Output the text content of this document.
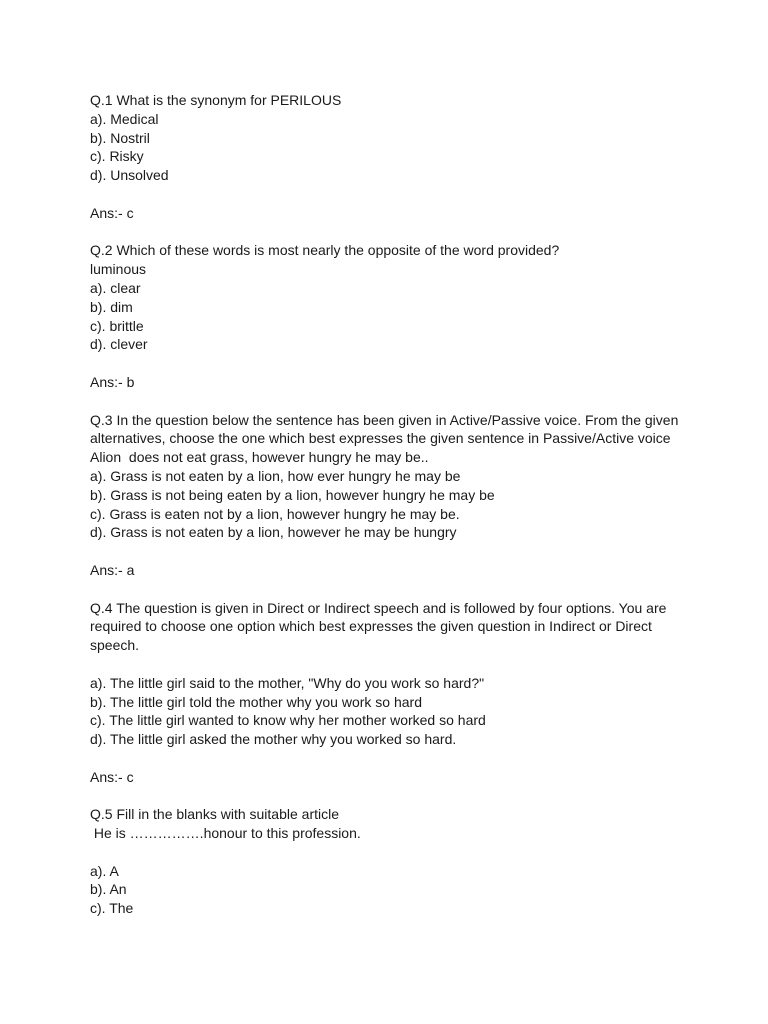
Q.1 What is the synonym for PERILOUS
a). Medical
b). Nostril
c). Risky
d). Unsolved
Ans:- c
Q.2 Which of these words is most nearly the opposite of the word provided?
luminous
a). clear
b). dim
c). brittle
d). clever
Ans:- b
Q.3 In the question below the sentence has been given in Active/Passive voice. From the given
alternatives, choose the one which best expresses the given sentence in Passive/Active voice
Alion  does not eat grass, however hungry he may be..
a). Grass is not eaten by a lion, how ever hungry he may be
b). Grass is not being eaten by a lion, however hungry he may be
c). Grass is eaten not by a lion, however hungry he may be.
d). Grass is not eaten by a lion, however he may be hungry
Ans:- a
Q.4 The question is given in Direct or Indirect speech and is followed by four options. You are
required to choose one option which best expresses the given question in Indirect or Direct
speech.
a). The little girl said to the mother, "Why do you work so hard?"
b). The little girl told the mother why you work so hard
c). The little girl wanted to know why her mother worked so hard
d). The little girl asked the mother why you worked so hard.
Ans:- c
Q.5 Fill in the blanks with suitable article
He is …………….honour to this profession.
a). A
b). An
c). The
